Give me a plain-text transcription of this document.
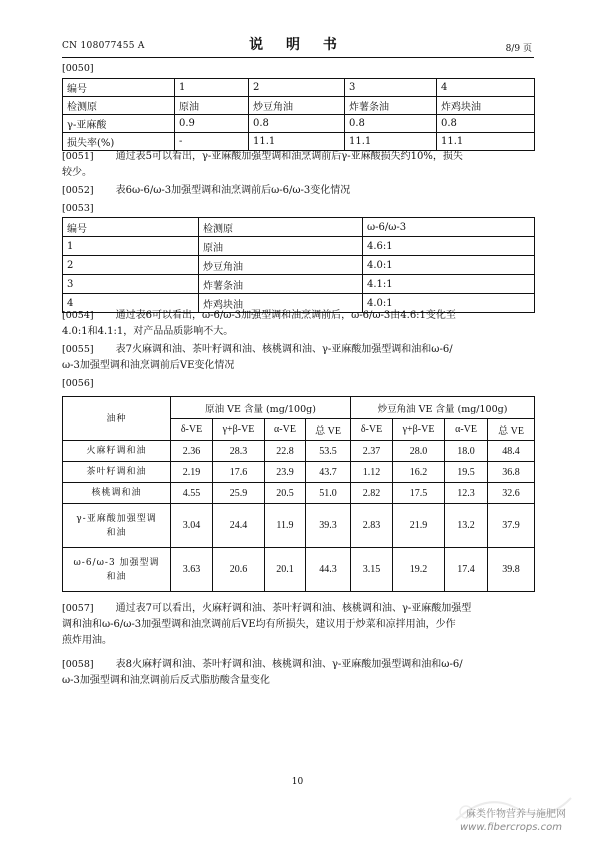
CN 108077455 A	说 明 书	8/9 页
[0050]
编号	1	2	3	4
检测原	原油	炒豆角油	炸薯条油	炸鸡块油
γ-亚麻酸	0.9	0.8	0.8	0.8
损失率(%)	-	11.1	11.1	11.1
[0051] 通过表5可以看出，γ-亚麻酸加强型调和油烹调前后γ-亚麻酸损失约10%，损失
较少。
[0052] 表6ω-6/ω-3加强型调和油烹调前后ω-6/ω-3变化情况
[0053]
编号	检测原	ω-6/ω-3
1	原油	4.6:1
2	炒豆角油	4.0:1
3	炸薯条油	4.1:1
4	炸鸡块油	4.0:1
[0054] 通过表6可以看出，ω-6/ω-3加强型调和油烹调前后，ω-6/ω-3由4.6:1变化至
4.0:1和4.1:1，对产品品质影响不大。
[0055] 表7火麻调和油、茶叶籽调和油、核桃调和油、γ-亚麻酸加强型调和油和ω-6/
ω-3加强型调和油烹调前后VE变化情况
[0056]
油种	原油 VE 含量 (mg/100g)				炒豆角油 VE 含量 (mg/100g)			
	δ-VE	γ+β-VE	α-VE	总 VE	δ-VE	γ+β-VE	α-VE	总 VE
火麻籽调和油	2.36	28.3	22.8	53.5	2.37	28.0	18.0	48.4
茶叶籽调和油	2.19	17.6	23.9	43.7	1.12	16.2	19.5	36.8
核桃调和油	4.55	25.9	20.5	51.0	2.82	17.5	12.3	32.6

γ-亚麻酸加强型调
和油	3.04	24.4	11.9	39.3	2.83	21.9	13.2	37.9

ω-6/ω-3 加强型调
和油	3.63	20.6	20.1	44.3	3.15	19.2	17.4	39.8
[0057] 通过表7可以看出，火麻籽调和油、茶叶籽调和油、核桃调和油、γ-亚麻酸加强型
调和油和ω-6/ω-3加强型调和油烹调前后VE均有所损失，建议用于炒菜和凉拌用油，少作
煎炸用油。
[0058] 表8火麻籽调和油、茶叶籽调和油、核桃调和油、γ-亚麻酸加强型调和油和ω-6/
ω-3加强型调和油烹调前后反式脂肪酸含量变化
10
麻类作物营养与施肥网
www.fibercrops.com
